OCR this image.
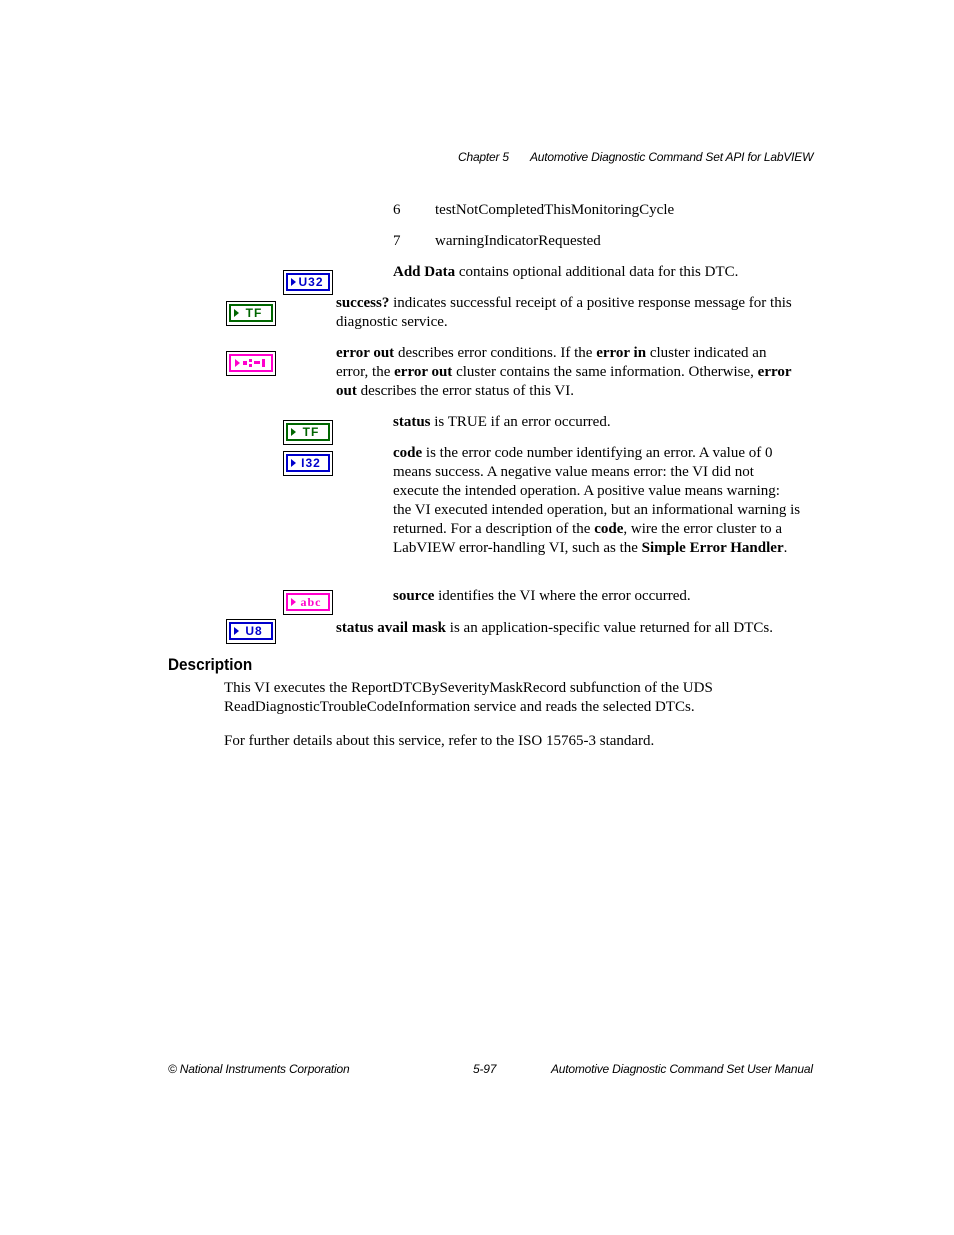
Chapter 5 Automotive Diagnostic Command Set API for LabVIEW
6 testNotCompletedThisMonitoringCycle
7 warningIndicatorRequested
U32
Add Data contains optional additional data for this DTC.
TF
success? indicates successful receipt of a positive response message for this diagnostic service.
error out describes error conditions. If the error in cluster indicated an error, the error out cluster contains the same information. Otherwise, error out describes the error status of this VI.
TF
status is TRUE if an error occurred.
I32
code is the error code number identifying an error. A value of 0 means success. A negative value means error: the VI did not execute the intended operation. A positive value means warning: the VI executed intended operation, but an informational warning is returned. For a description of the code, wire the error cluster to a LabVIEW error-handling VI, such as the Simple Error Handler.
abc	source identifies the VI where the error occurred.
U8	status avail mask is an application-specific value returned for all DTCs.
Description
This VI executes the ReportDTCBySeverityMaskRecord subfunction of the UDS ReadDiagnosticTroubleCodeInformation service and reads the selected DTCs.
For further details about this service, refer to the ISO 15765-3 standard.
© National Instruments Corporation	5-97	Automotive Diagnostic Command Set User Manual
